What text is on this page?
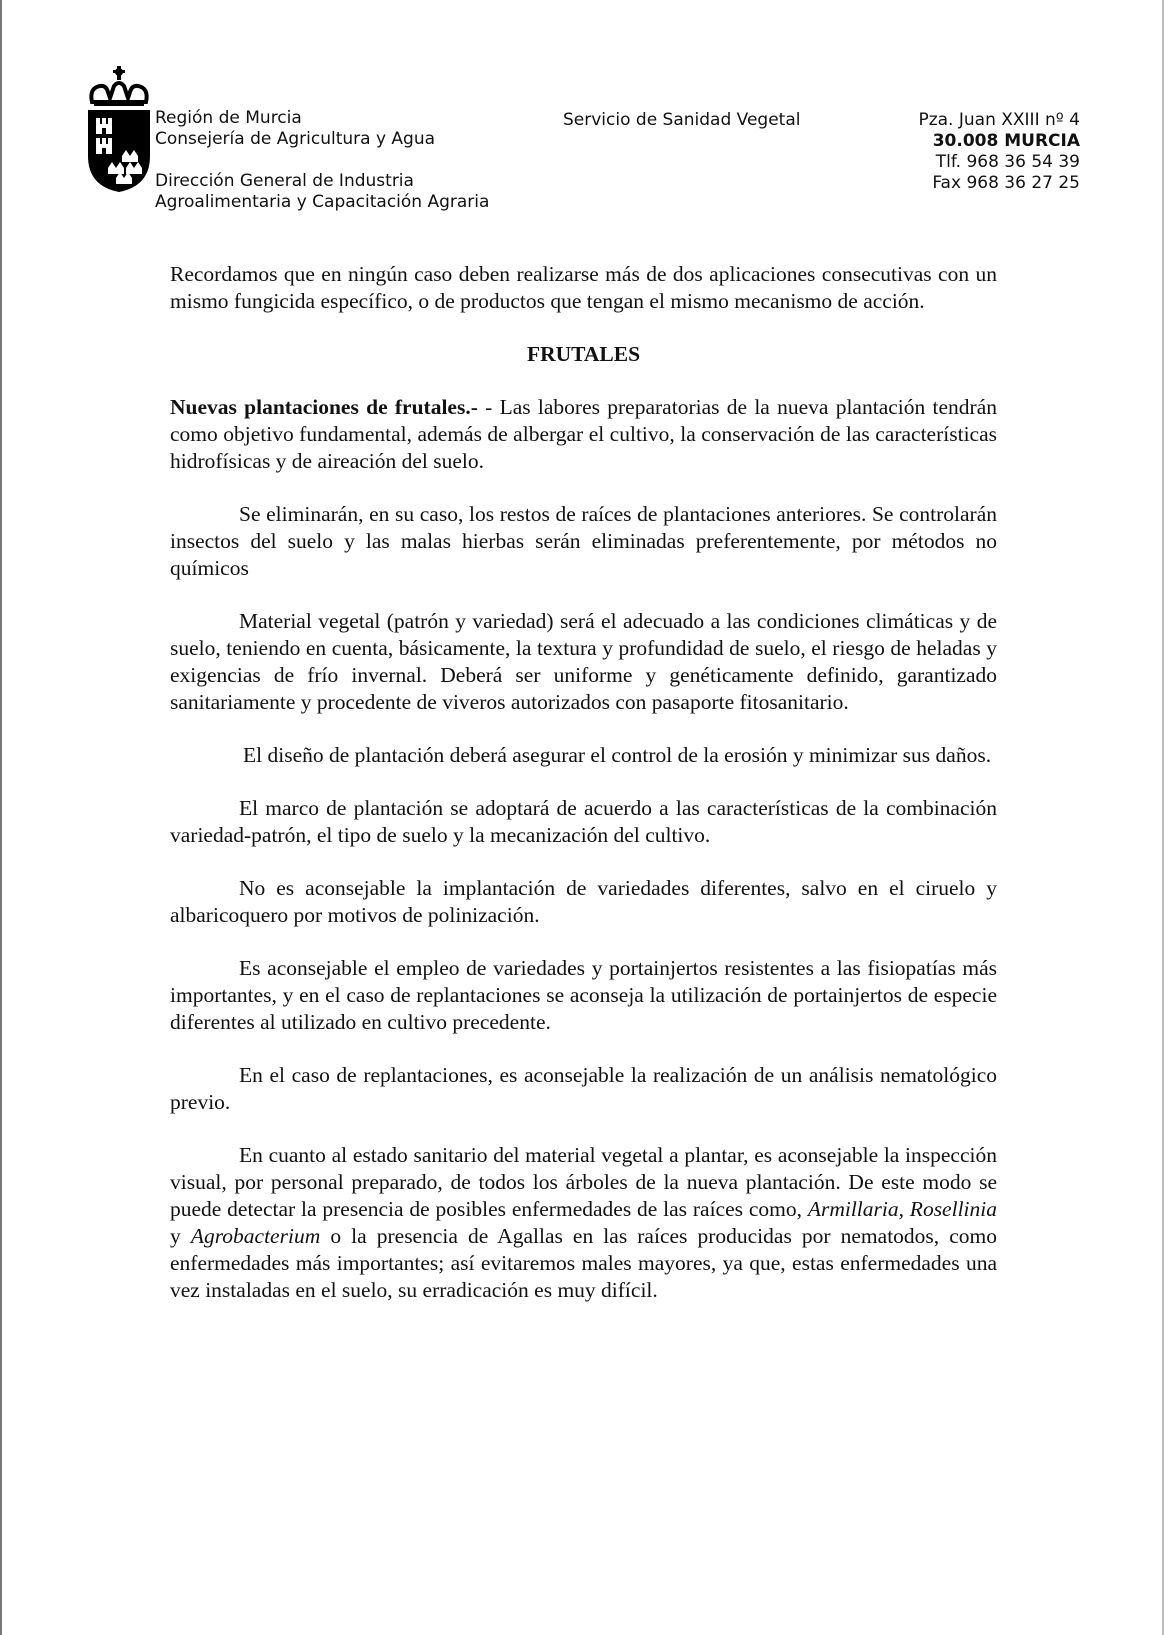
Región de Murcia
Consejería de Agricultura y Agua
Dirección General de Industria
Agroalimentaria y Capacitación Agraria
Servicio de Sanidad Vegetal	Pza. Juan XXIII nº 4
30.008 MURCIA
Tlf. 968 36 54 39
Fax 968 36 27 25

Recordamos que en ningún caso deben realizarse más de dos aplicaciones consecutivas con un mismo fungicida específico, o de productos que tengan el mismo mecanismo de acción.

FRUTALES

Nuevas plantaciones de frutales.- - Las labores preparatorias de la nueva plantación tendrán como objetivo fundamental, además de albergar el cultivo, la conservación de las características hidrofísicas y de aireación del suelo.

Se eliminarán, en su caso, los restos de raíces de plantaciones anteriores. Se controlarán insectos del suelo y las malas hierbas serán eliminadas preferentemente, por métodos no químicos

Material vegetal (patrón y variedad) será el adecuado a las condiciones climáticas y de suelo, teniendo en cuenta, básicamente, la textura y profundidad de suelo, el riesgo de heladas y exigencias de frío invernal. Deberá ser uniforme y genéticamente definido, garantizado sanitariamente y procedente de viveros autorizados con pasaporte fitosanitario.

El diseño de plantación deberá asegurar el control de la erosión y minimizar sus daños.

El marco de plantación se adoptará de acuerdo a las características de la combinación variedad-patrón, el tipo de suelo y la mecanización del cultivo.

No es aconsejable la implantación de variedades diferentes, salvo en el ciruelo y albaricoquero por motivos de polinización.

Es aconsejable el empleo de variedades y portainjertos resistentes a las fisiopatías más importantes, y en el caso de replantaciones se aconseja la utilización de portainjertos de especie diferentes al utilizado en cultivo precedente.

En el caso de replantaciones, es aconsejable la realización de un análisis nematológico previo.

En cuanto al estado sanitario del material vegetal a plantar, es aconsejable la inspección visual, por personal preparado, de todos los árboles de la nueva plantación. De este modo se puede detectar la presencia de posibles enfermedades de las raíces como, Armillaria, Rosellinia y Agrobacterium o la presencia de Agallas en las raíces producidas por nematodos, como enfermedades más importantes; así evitaremos males mayores, ya que, estas enfermedades una vez instaladas en el suelo, su erradicación es muy difícil.
